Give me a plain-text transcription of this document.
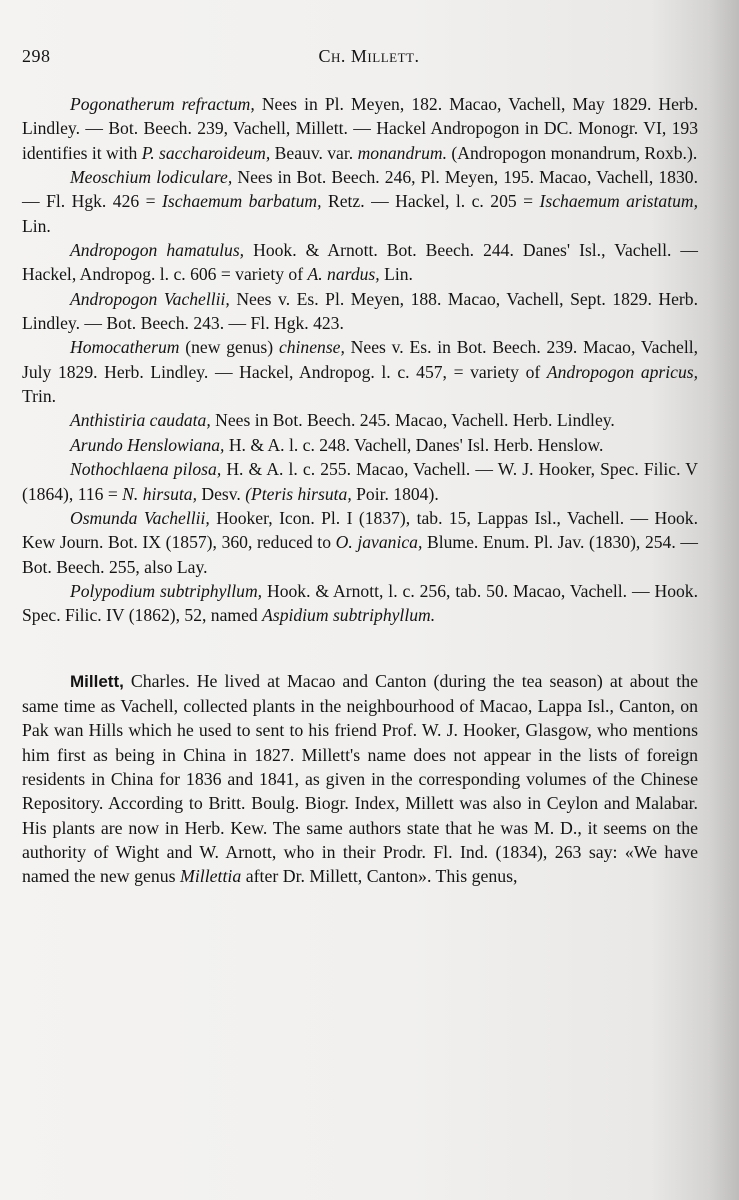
298	Ch. Millett.

Pogonatherum refractum, Nees in Pl. Meyen, 182. Macao, Vachell, May 1829. Herb. Lindley. — Bot. Beech. 239, Vachell, Millett. — Hackel Andropogon in DC. Monogr. VI, 193 identifies it with P. saccharoideum, Beauv. var. monandrum. (Andropogon monandrum, Roxb.).

Meoschium lodiculare, Nees in Bot. Beech. 246, Pl. Meyen, 195. Macao, Vachell, 1830. — Fl. Hgk. 426 = Ischaemum barbatum, Retz. — Hackel, l. c. 205 = Ischaemum aristatum, Lin.

Andropogon hamatulus, Hook. & Arnott. Bot. Beech. 244. Danes' Isl., Vachell. — Hackel, Andropog. l. c. 606 = variety of A. nardus, Lin.

Andropogon Vachellii, Nees v. Es. Pl. Meyen, 188. Macao, Vachell, Sept. 1829. Herb. Lindley. — Bot. Beech. 243. — Fl. Hgk. 423.

Homocatherum (new genus) chinense, Nees v. Es. in Bot. Beech. 239. Macao, Vachell, July 1829. Herb. Lindley. — Hackel, Andropog. l. c. 457, = variety of Andropogon apricus, Trin.

Anthistiria caudata, Nees in Bot. Beech. 245. Macao, Vachell. Herb. Lindley.

Arundo Henslowiana, H. & A. l. c. 248. Vachell, Danes' Isl. Herb. Henslow.

Nothochlaena pilosa, H. & A. l. c. 255. Macao, Vachell. — W. J. Hooker, Spec. Filic. V (1864), 116 = N. hirsuta, Desv. (Pteris hirsuta, Poir. 1804).

Osmunda Vachellii, Hooker, Icon. Pl. I (1837), tab. 15, Lappas Isl., Vachell. — Hook. Kew Journ. Bot. IX (1857), 360, reduced to O. javanica, Blume. Enum. Pl. Jav. (1830), 254. — Bot. Beech. 255, also Lay.

Polypodium subtriphyllum, Hook. & Arnott, l. c. 256, tab. 50. Macao, Vachell. — Hook. Spec. Filic. IV (1862), 52, named Aspidium subtriphyllum.

Millett, Charles. He lived at Macao and Canton (during the tea season) at about the same time as Vachell, collected plants in the neighbourhood of Macao, Lappa Isl., Canton, on Pak wan Hills which he used to sent to his friend Prof. W. J. Hooker, Glasgow, who mentions him first as being in China in 1827. Millett's name does not appear in the lists of foreign residents in China for 1836 and 1841, as given in the corresponding volumes of the Chinese Repository. According to Britt. Boulg. Biogr. Index, Millett was also in Ceylon and Malabar. His plants are now in Herb. Kew. The same authors state that he was M. D., it seems on the authority of Wight and W. Arnott, who in their Prodr. Fl. Ind. (1834), 263 say: «We have named the new genus Millettia after Dr. Millett, Canton». This genus,
